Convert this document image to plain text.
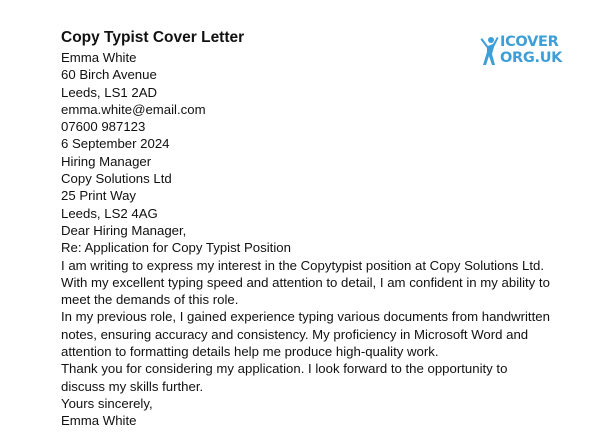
Copy Typist Cover Letter
Emma White
60 Birch Avenue
Leeds, LS1 2AD
emma.white@email.com
07600 987123
6 September 2024
Hiring Manager
Copy Solutions Ltd
25 Print Way
Leeds, LS2 4AG
Dear Hiring Manager,
Re: Application for Copy Typist Position
I am writing to express my interest in the Copytypist position at Copy Solutions Ltd. With my excellent typing speed and attention to detail, I am confident in my ability to meet the demands of this role.
In my previous role, I gained experience typing various documents from handwritten notes, ensuring accuracy and consistency. My proficiency in Microsoft Word and attention to formatting details help me produce high-quality work.
Thank you for considering my application. I look forward to the opportunity to discuss my skills further.
Yours sincerely,
Emma White
ICOVER
ORG.UK
